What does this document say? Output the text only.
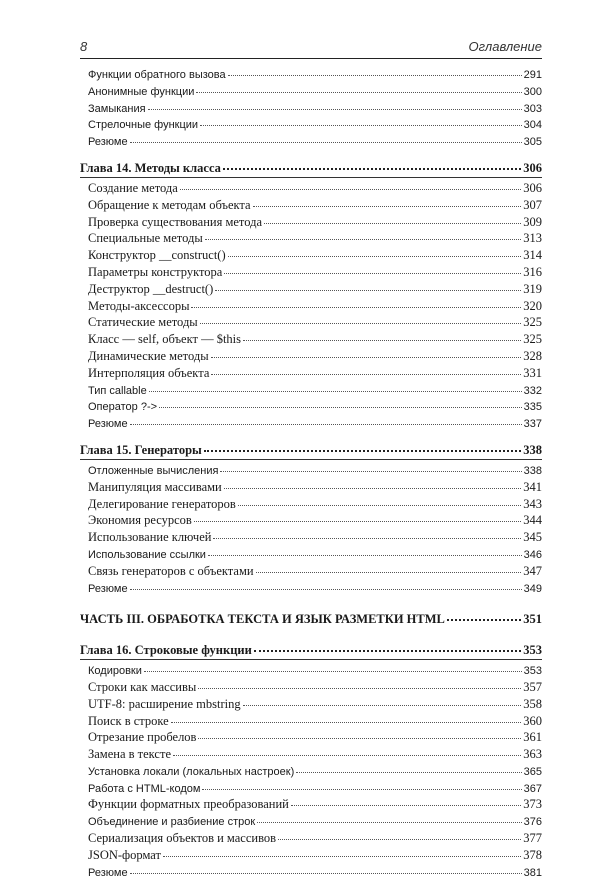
8	Оглавление
Функции обратного вызова	291
Анонимные функции	300
Замыкания	303
Стрелочные функции	304
Резюме	305
Глава 14. Методы класса	306
Создание метода	306
Обращение к методам объекта	307
Проверка существования метода	309
Специальные методы	313
Конструктор __construct()	314
Параметры конструктора	316
Деструктор __destruct()	319
Методы-аксессоры	320
Статические методы	325
Класс — self, объект — $this	325
Динамические методы	328
Интерполяция объекта	331
Тип callable	332
Оператор ?->	335
Резюме	337
Глава 15. Генераторы	338
Отложенные вычисления	338
Манипуляция массивами	341
Делегирование генераторов	343
Экономия ресурсов	344
Использование ключей	345
Использование ссылки	346
Связь генераторов с объектами	347
Резюме	349
ЧАСТЬ III. ОБРАБОТКА ТЕКСТА И ЯЗЫК РАЗМЕТКИ HTML	351
Глава 16. Строковые функции	353
Кодировки	353
Строки как массивы	357
UTF-8: расширение mbstring	358
Поиск в строке	360
Отрезание пробелов	361
Замена в тексте	363
Установка локали (локальных настроек)	365
Работа с HTML-кодом	367
Функции форматных преобразований	373
Объединение и разбиение строк	376
Сериализация объектов и массивов	377
JSON-формат	378
Резюме	381
